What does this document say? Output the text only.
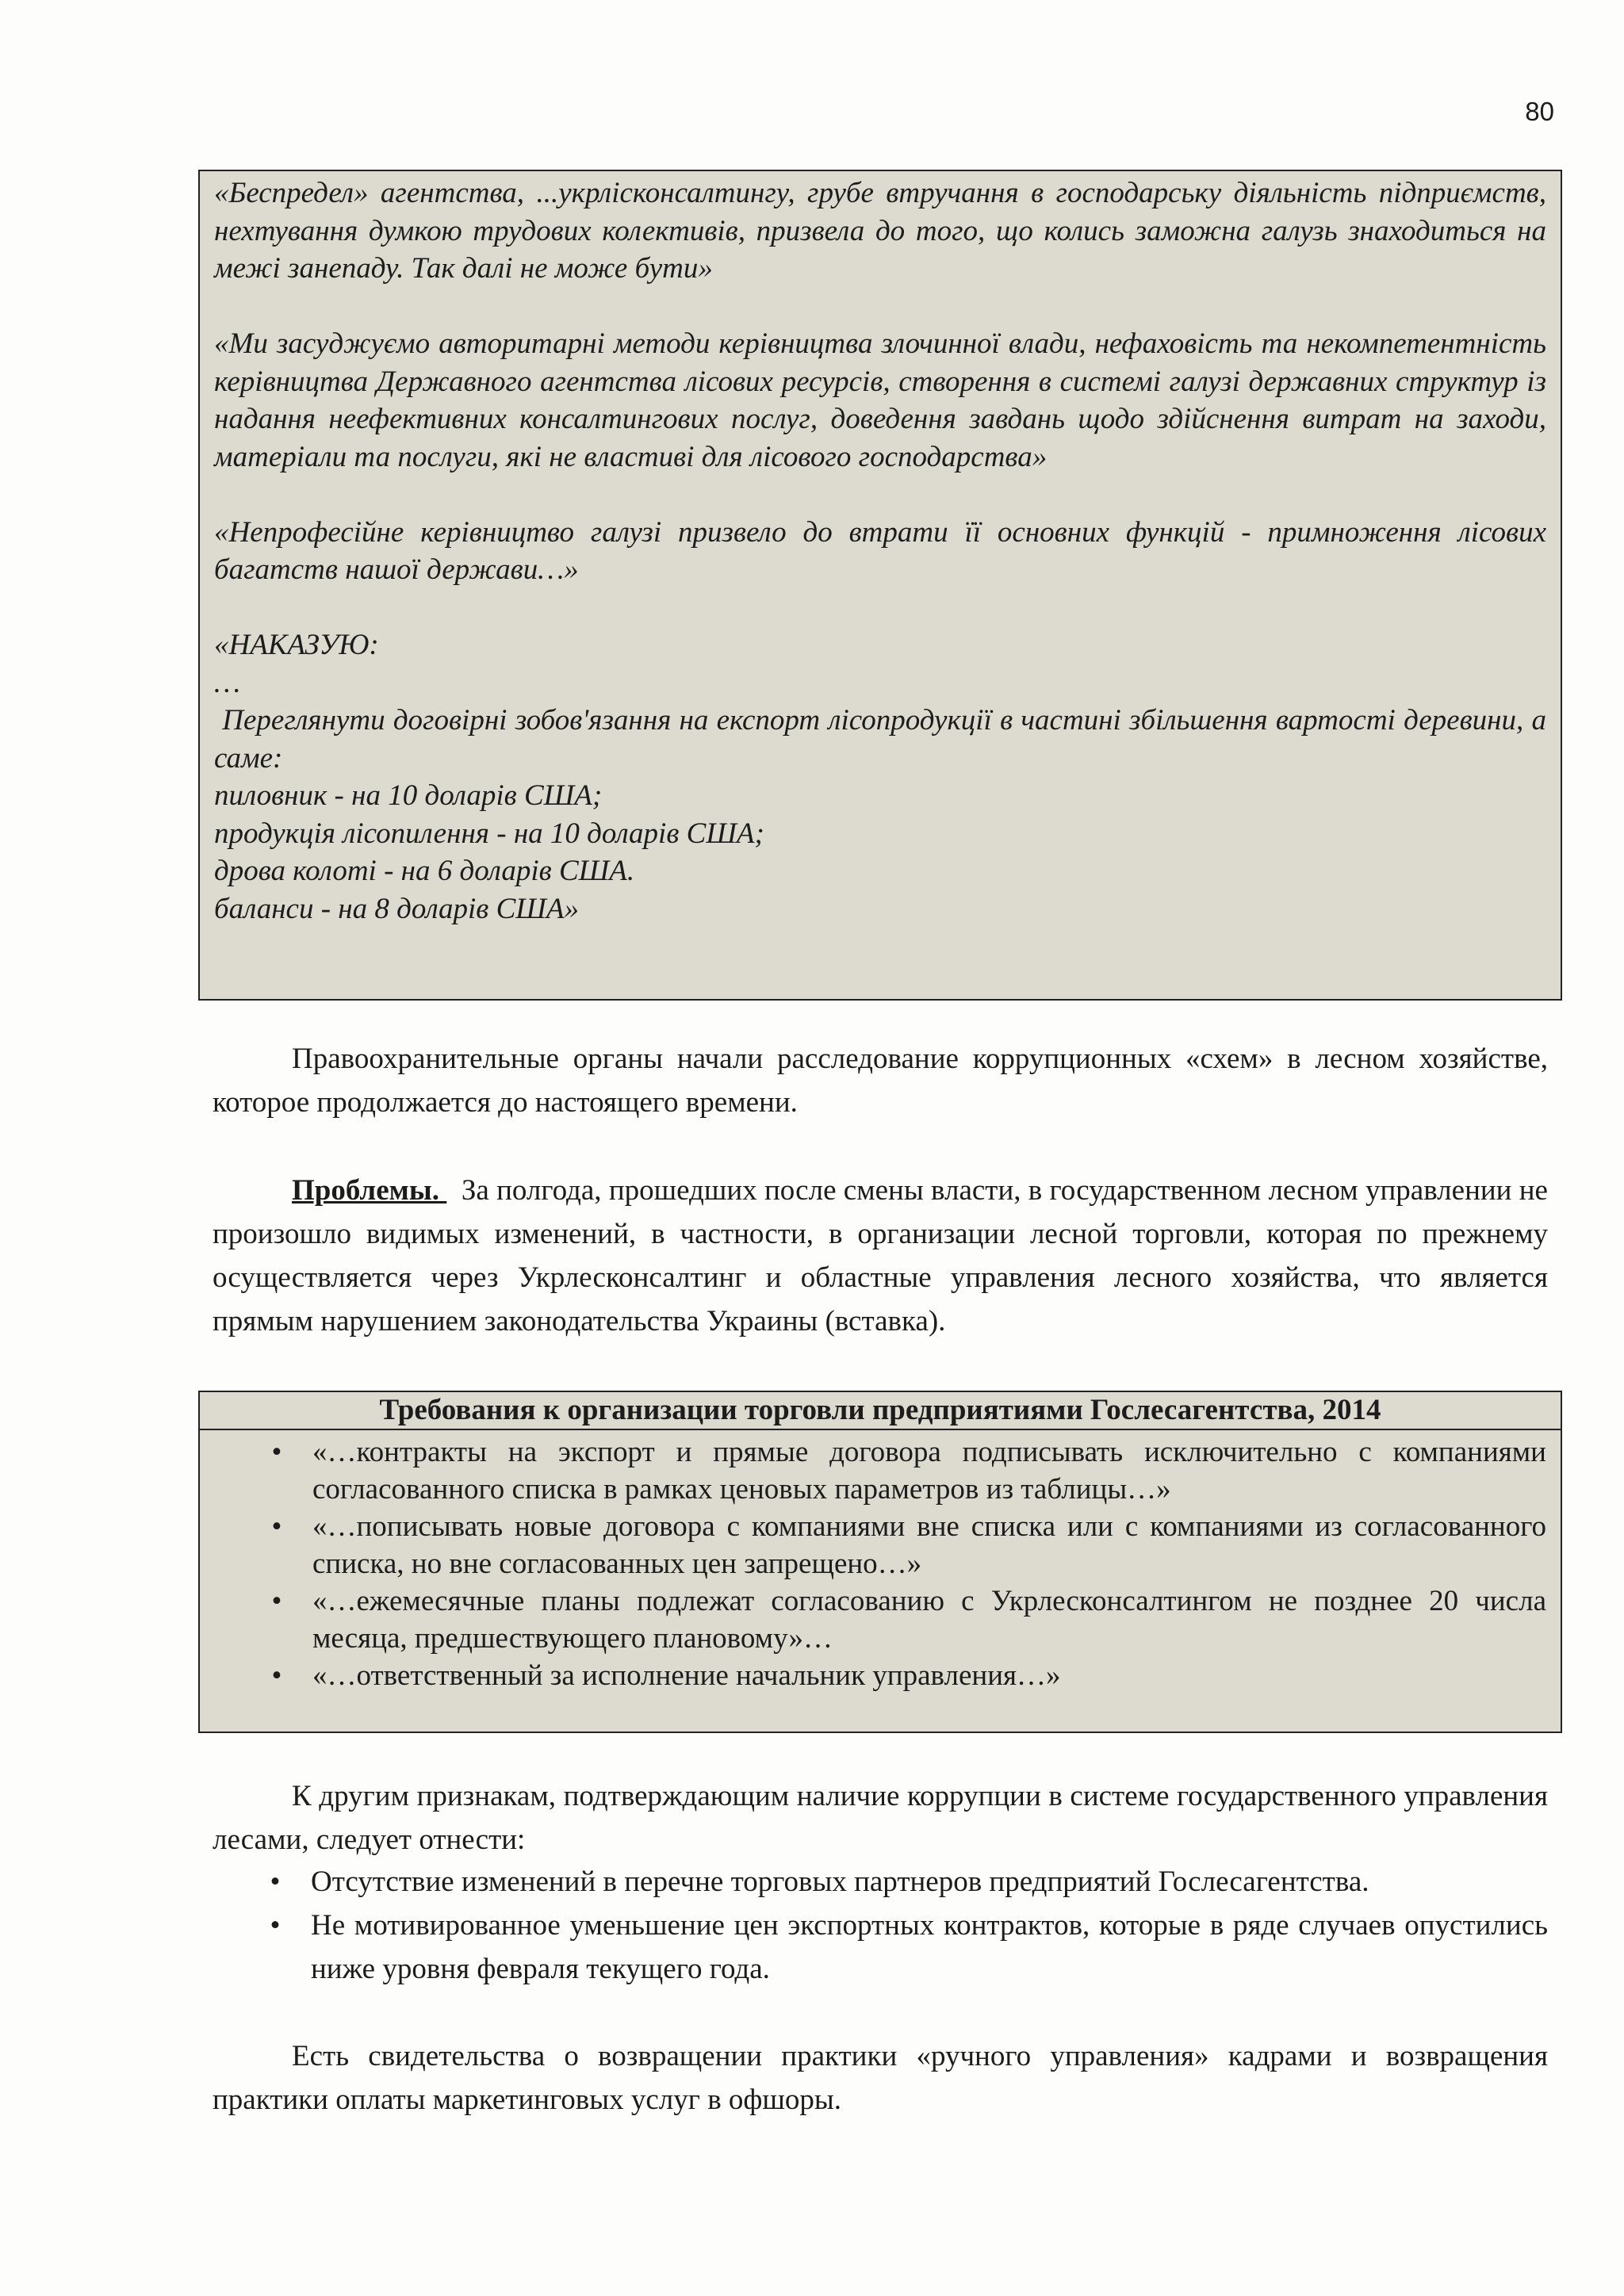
80

«Беспредел» агентства, ...укрлісконсалтингу, грубе втручання в господарську діяльність підприємств, нехтування думкою трудових колективів, призвела до того, що колись заможна галузь знаходиться на межі занепаду. Так далі не може бути»

«Ми засуджуємо авторитарні методи керівництва злочинної влади, нефаховість та некомпетентність керівництва Державного агентства лісових ресурсів, створення в системі галузі державних структур із надання неефективних консалтингових послуг, доведення завдань щодо здійснення витрат на заходи, матеріали та послуги, які не властиві для лісового господарства»

«Непрофесійне керівництво галузі призвело до втрати її основних функцій - примноження лісових багатств нашої держави…»

«НАКАЗУЮ:

…

Переглянути договірні зобов'язання на експорт лісопродукції в частині збільшення вартості деревини, а саме:

пиловник - на 10 доларів США;

продукція лісопилення - на 10 доларів США;

дрова колоті - на 6 доларів США.

баланси - на 8 доларів США»

Правоохранительные органы начали расследование коррупционных «схем» в лесном хозяйстве, которое продолжается до настоящего времени.

Проблемы.   За полгода, прошедших после смены власти, в государственном лесном управлении не произошло видимых изменений, в частности, в организации лесной торговли, которая по прежнему осуществляется через Укрлесконсалтинг и областные управления лесного хозяйства, что является прямым нарушением законодательства Украины (вставка).

Требования к организации торговли предприятиями Гослесагентства, 2014
• «…контракты на экспорт и прямые договора подписывать исключительно с компаниями согласованного списка в рамках ценовых параметров из таблицы…»
• «…пописывать новые договора с компаниями вне списка или с компаниями из согласованного списка, но вне согласованных цен запрещено…»
• «…ежемесячные планы подлежат согласованию с Укрлесконсалтингом не позднее 20 числа месяца, предшествующего плановому»…
• «…ответственный за исполнение начальник управления…»

К другим признакам, подтверждающим наличие коррупции в системе государственного управления лесами, следует отнести:

• Отсутствие изменений в перечне торговых партнеров предприятий Гослесагентства.
• Не мотивированное уменьшение цен экспортных контрактов, которые в ряде случаев опустились ниже уровня февраля текущего года.

Есть свидетельства о возвращении практики «ручного управления» кадрами и возвращения практики оплаты маркетинговых услуг в офшоры.
